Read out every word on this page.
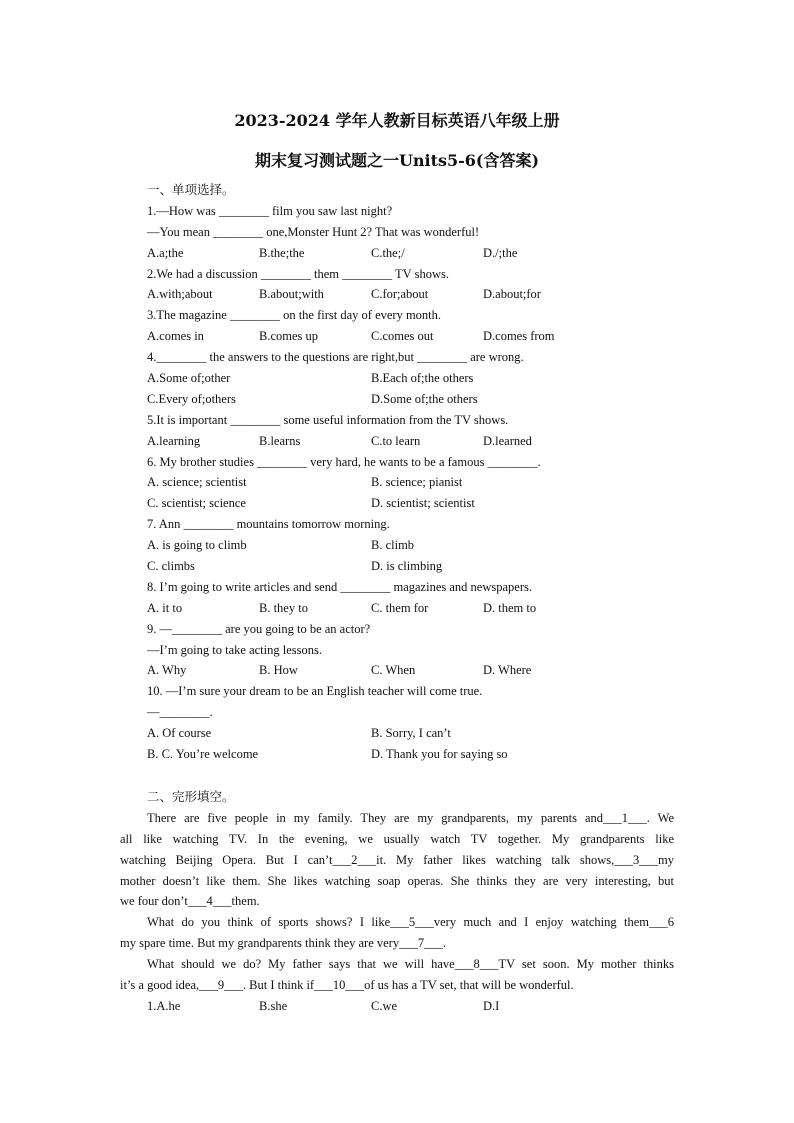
2023-2024 学年人教新目标英语八年级上册
期末复习测试题之一Units5-6(含答案)
一、单项选择。
1.—How was ________ film you saw last night?
—You mean ________ one,Monster Hunt 2? That was wonderful!
A.a;the	B.the;the	C.the;/	D./;the
2.We had a discussion ________ them ________ TV shows.
A.with;about	B.about;with	C.for;about	D.about;for
3.The magazine ________ on the first day of every month.
A.comes in	B.comes up	C.comes out	D.comes from
4.________ the answers to the questions are right,but ________ are wrong.
A.Some of;other	B.Each of;the others
C.Every of;others	D.Some of;the others
5.It is important ________ some useful information from the TV shows.
A.learning	B.learns	C.to learn	D.learned
6. My brother studies ________ very hard, he wants to be a famous ________.
A. science; scientist	B. science; pianist
C. scientist; science	D. scientist; scientist
7. Ann ________ mountains tomorrow morning.
A. is going to climb	B. climb
C. climbs	D. is climbing
8. I’m going to write articles and send ________ magazines and newspapers.
A. it to	B. they to	C. them for	D. them to
9. —________ are you going to be an actor?
—I’m going to take acting lessons.
A. Why	B. How	C. When	D. Where
10. —I’m sure your dream to be an English teacher will come true.
—________.
A. Of course	B. Sorry, I can’t
B. C. You’re welcome	D. Thank you for saying so
二、完形填空。
There are five people in my family. They are my grandparents, my parents and___1___. We
all like watching TV. In the evening, we usually watch TV together. My grandparents like
watching Beijing Opera. But I can’t___2___it. My father likes watching talk shows,___3___my
mother doesn’t like them. She likes watching soap operas. She thinks they are very interesting, but
we four don’t___4___them.
What do you think of sports shows? I like___5___very much and I enjoy watching them___6
my spare time. But my grandparents think they are very___7___.
What should we do? My father says that we will have___8___TV set soon. My mother thinks
it’s a good idea,___9___. But I think if___10___of us has a TV set, that will be wonderful.
1.A.he	B.she	C.we	D.I
